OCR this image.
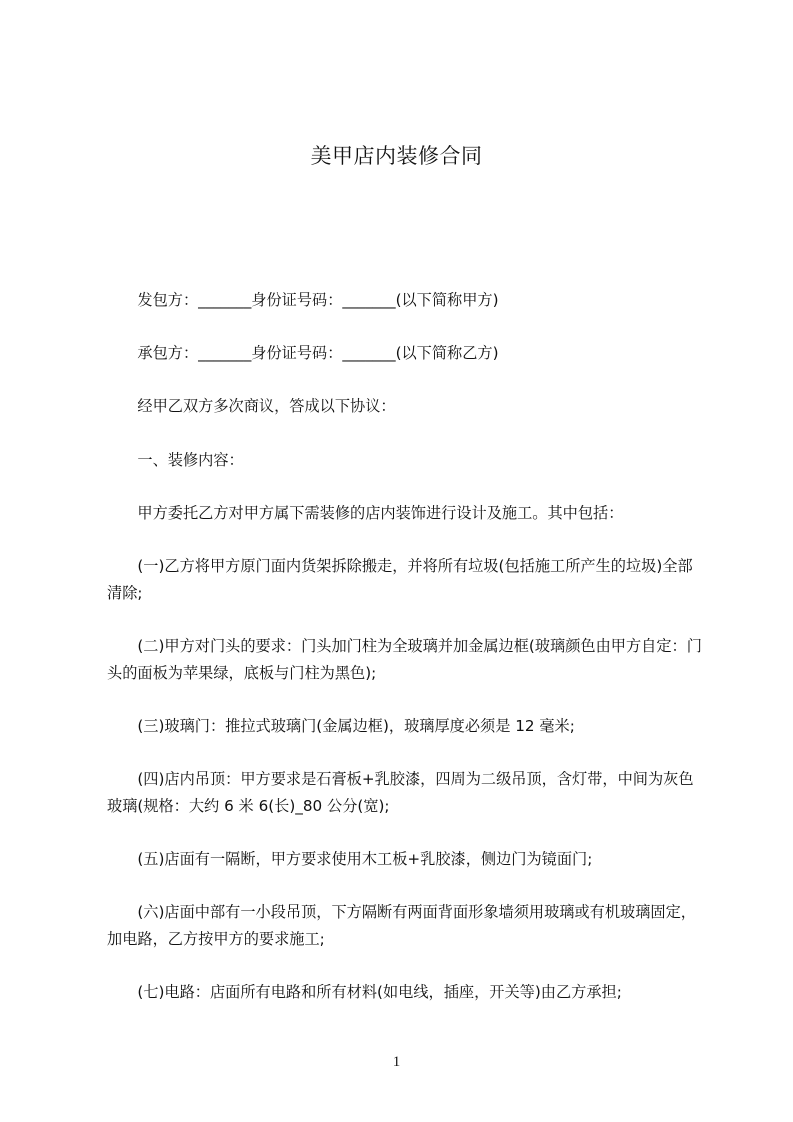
美甲店内装修合同
　　发包方：_______身份证号码：_______(以下简称甲方)
　　承包方：_______身份证号码：_______(以下简称乙方)
　　经甲乙双方多次商议，答成以下协议：
　　一、装修内容：
　　甲方委托乙方对甲方属下需装修的店内装饰进行设计及施工。其中包括：
　　(一)乙方将甲方原门面内货架拆除搬走，并将所有垃圾(包括施工所产生的垃圾)全部清除;
　　(二)甲方对门头的要求：门头加门柱为全玻璃并加金属边框(玻璃颜色由甲方自定：门头的面板为苹果绿，底板与门柱为黑色);
　　(三)玻璃门：推拉式玻璃门(金属边框)，玻璃厚度必须是 12 毫米;
　　(四)店内吊顶：甲方要求是石膏板+乳胶漆，四周为二级吊顶，含灯带，中间为灰色玻璃(规格：大约 6 米 6(长)_80 公分(宽);
　　(五)店面有一隔断，甲方要求使用木工板+乳胶漆，侧边门为镜面门;
　　(六)店面中部有一小段吊顶，下方隔断有两面背面形象墙须用玻璃或有机玻璃固定，加电路，乙方按甲方的要求施工;
　　(七)电路：店面所有电路和所有材料(如电线，插座，开关等)由乙方承担;
1
